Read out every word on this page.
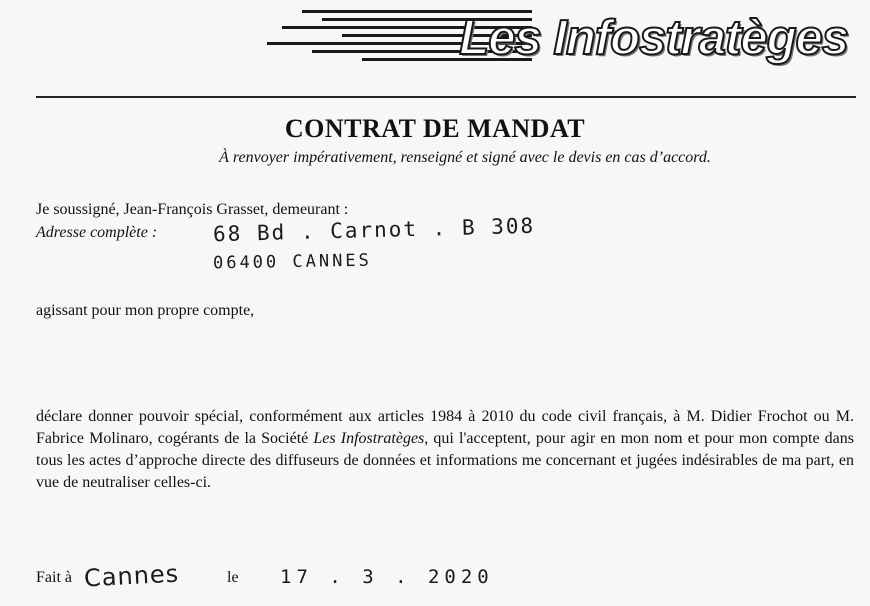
Les Infostratèges
CONTRAT DE MANDAT
À renvoyer impérativement, renseigné et signé avec le devis en cas d’accord.
Je soussigné, Jean-François Grasset, demeurant :
Adresse complète :	68 Bd . Carnot . B 308
06400 CANNES
agissant pour mon propre compte,
déclare donner pouvoir spécial, conformément aux articles 1984 à 2010 du code civil français, à M. Didier Frochot ou M. Fabrice Molinaro, cogérants de la Société Les Infostratèges, qui l'acceptent, pour agir en mon nom et pour mon compte dans tous les actes d’approche directe des diffuseurs de données et informations me concernant et jugées indésirables de ma part, en vue de neutraliser celles-ci.
Fait à Cannes	le 17 . 3 . 2020
